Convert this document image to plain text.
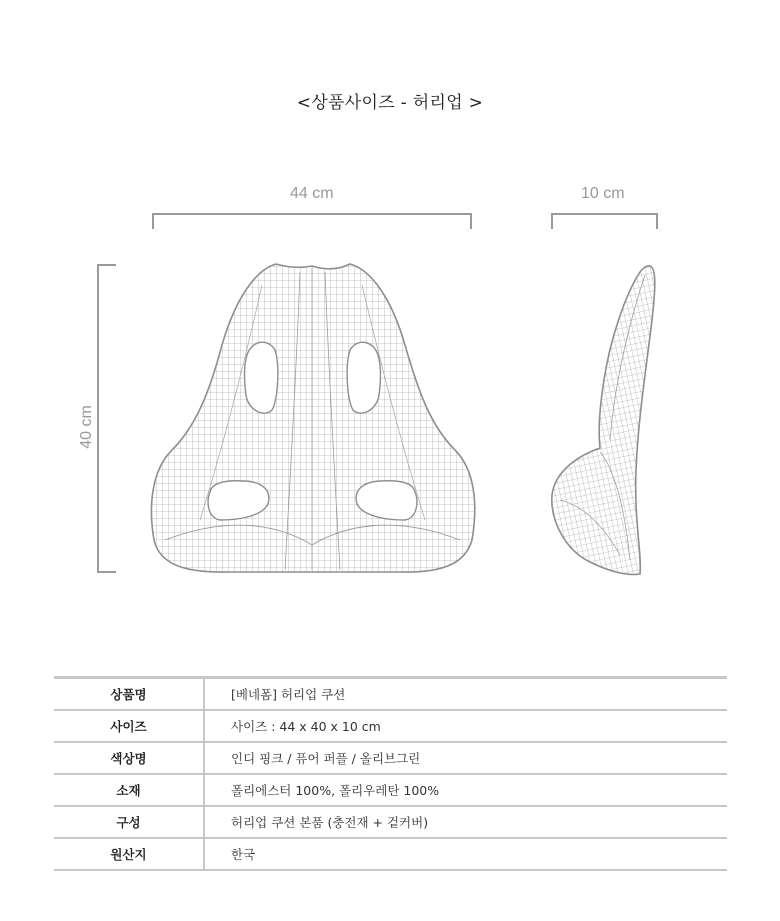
<상품사이즈 - 허리업 >
44 cm	10 cm
40 cm
상품명	[베네폼] 허리업 쿠션
사이즈	사이즈 : 44 x 40 x 10 cm
색상명	인디 핑크 / 퓨어 퍼플 / 올리브그린
소재	폴리에스터 100%, 폴리우레탄 100%
구성	허리업 쿠션 본품 (충전재 + 겉커버)
원산지	한국
